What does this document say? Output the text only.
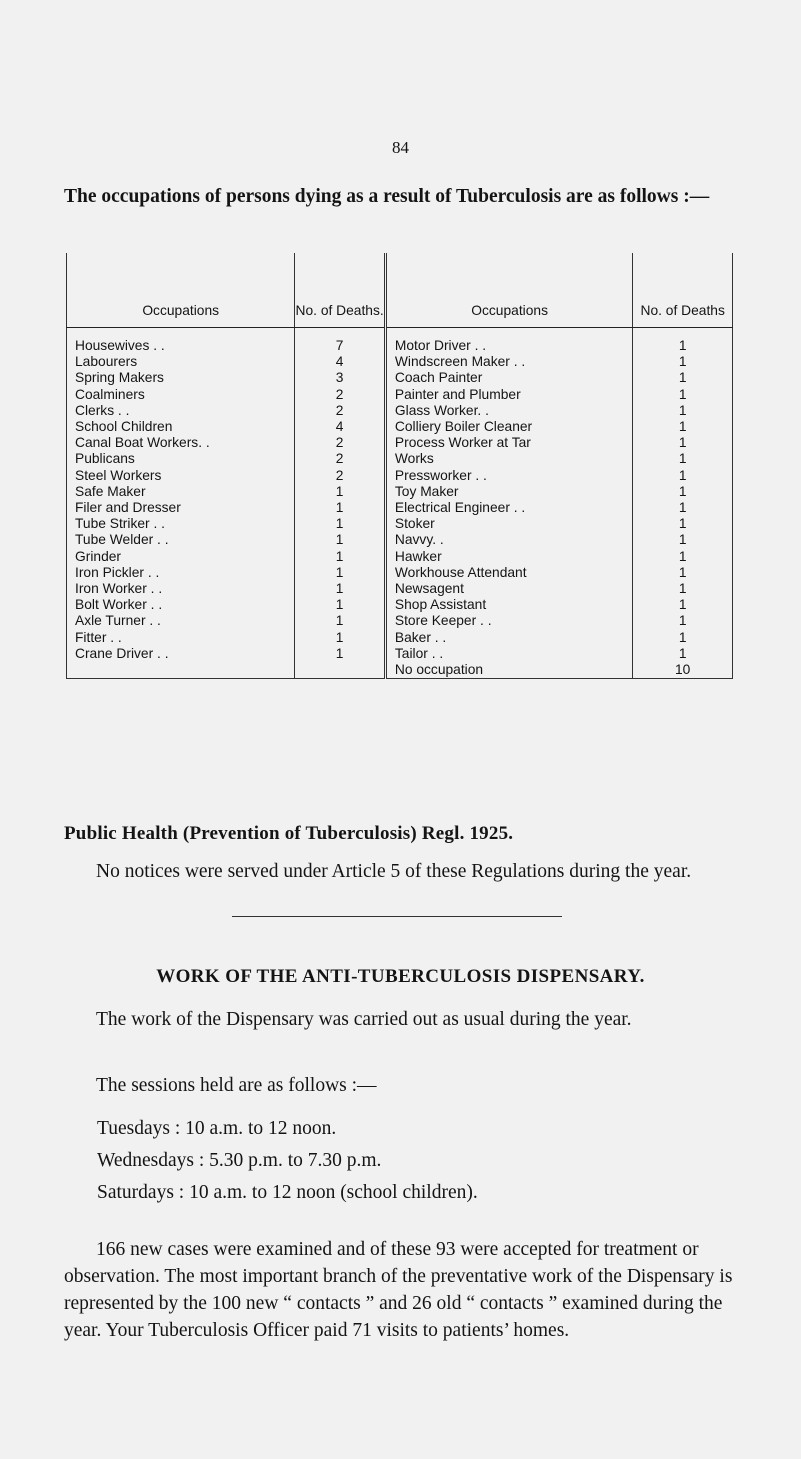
84
The occupations of persons dying as a result of Tuberculosis are as follows :—
Occupations	No. of Deaths.	Occupations	No. of Deaths
Housewives . .	7	Motor Driver . .	1
Labourers	4	Windscreen Maker . .	1
Spring Makers	3	Coach Painter	1
Coalminers	2	Painter and Plumber	1
Clerks . .	2	Glass Worker. .	1
School Children	4	Colliery Boiler Cleaner	1
Canal Boat Workers. .	2	Process Worker at Tar	1
Publicans	2	Works	1
Steel Workers	2	Pressworker . .	1
Safe Maker	1	Toy Maker	1
Filer and Dresser	1	Electrical Engineer . .	1
Tube Striker . .	1	Stoker	1
Tube Welder . .	1	Navvy. .	1
Grinder	1	Hawker	1
Iron Pickler . .	1	Workhouse Attendant	1
Iron Worker . .	1	Newsagent	1
Bolt Worker . .	1	Shop Assistant	1
Axle Turner . .	1	Store Keeper . .	1
Fitter . .	1	Baker . .	1
Crane Driver . .	1	Tailor . .	1
		No occupation	10
Public Health (Prevention of Tuberculosis) Regl. 1925.
No notices were served under Article 5 of these Regulations during the year.
WORK OF THE ANTI-TUBERCULOSIS DISPENSARY.
The work of the Dispensary was carried out as usual during the year.
The sessions held are as follows :—
Tuesdays : 10 a.m. to 12 noon.
Wednesdays : 5.30 p.m. to 7.30 p.m.
Saturdays : 10 a.m. to 12 noon (school children).
166 new cases were examined and of these 93 were accepted for treatment or observation. The most important branch of the preventative work of the Dispensary is represented by the 100 new “ contacts ” and 26 old “ contacts ” examined during the year. Your Tuberculosis Officer paid 71 visits to patients’ homes.
